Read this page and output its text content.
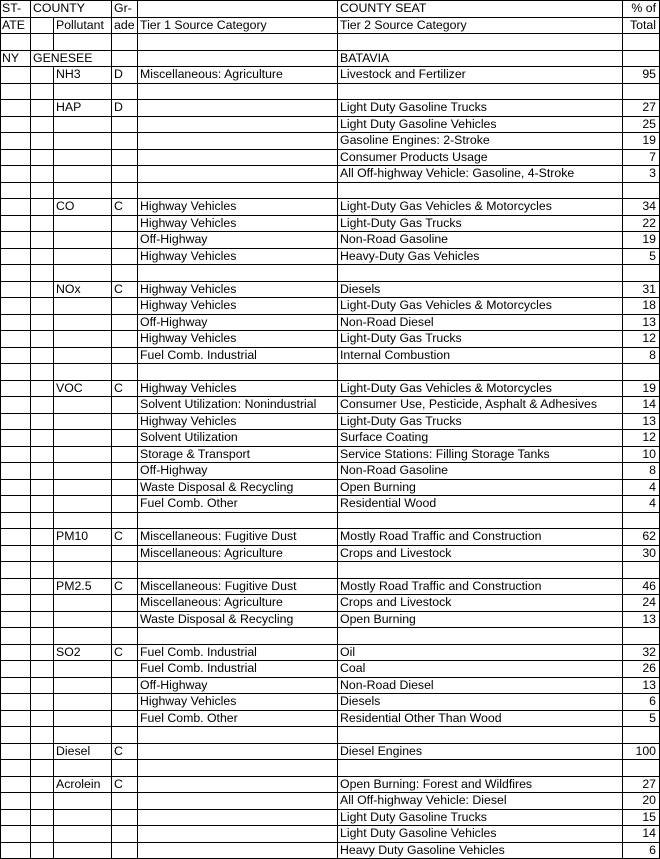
ST-	COUNTY		Gr-		COUNTY SEAT	% of
ATE		Pollutant	ade	Tier 1 Source Category	Tier 2 Source Category	Total

NY	GENESEE				BATAVIA	
		NH3	D	Miscellaneous: Agriculture	Livestock and Fertilizer	95

		HAP	D		Light Duty Gasoline Trucks	27
					Light Duty Gasoline Vehicles	25
					Gasoline Engines: 2-Stroke	19
					Consumer Products Usage	7
					All Off-highway Vehicle: Gasoline, 4-Stroke	3

		CO	C	Highway Vehicles	Light-Duty Gas Vehicles & Motorcycles	34
				Highway Vehicles	Light-Duty Gas Trucks	22
				Off-Highway	Non-Road Gasoline	19
				Highway Vehicles	Heavy-Duty Gas Vehicles	5

		NOx	C	Highway Vehicles	Diesels	31
				Highway Vehicles	Light-Duty Gas Vehicles & Motorcycles	18
				Off-Highway	Non-Road Diesel	13
				Highway Vehicles	Light-Duty Gas Trucks	12
				Fuel Comb. Industrial	Internal Combustion	8

		VOC	C	Highway Vehicles	Light-Duty Gas Vehicles & Motorcycles	19
				Solvent Utilization: Nonindustrial	Consumer Use, Pesticide, Asphalt & Adhesives	14
				Highway Vehicles	Light-Duty Gas Trucks	13
				Solvent Utilization	Surface Coating	12
				Storage & Transport	Service Stations: Filling Storage Tanks	10
				Off-Highway	Non-Road Gasoline	8
				Waste Disposal & Recycling	Open Burning	4
				Fuel Comb. Other	Residential Wood	4

		PM10	C	Miscellaneous: Fugitive Dust	Mostly Road Traffic and Construction	62
				Miscellaneous: Agriculture	Crops and Livestock	30

		PM2.5	C	Miscellaneous: Fugitive Dust	Mostly Road Traffic and Construction	46
				Miscellaneous: Agriculture	Crops and Livestock	24
				Waste Disposal & Recycling	Open Burning	13

		SO2	C	Fuel Comb. Industrial	Oil	32
				Fuel Comb. Industrial	Coal	26
				Off-Highway	Non-Road Diesel	13
				Highway Vehicles	Diesels	6
				Fuel Comb. Other	Residential Other Than Wood	5

		Diesel	C		Diesel Engines	100

		Acrolein	C		Open Burning: Forest and Wildfires	27
					All Off-highway Vehicle: Diesel	20
					Light Duty Gasoline Trucks	15
					Light Duty Gasoline Vehicles	14
					Heavy Duty Gasoline Vehicles	6
